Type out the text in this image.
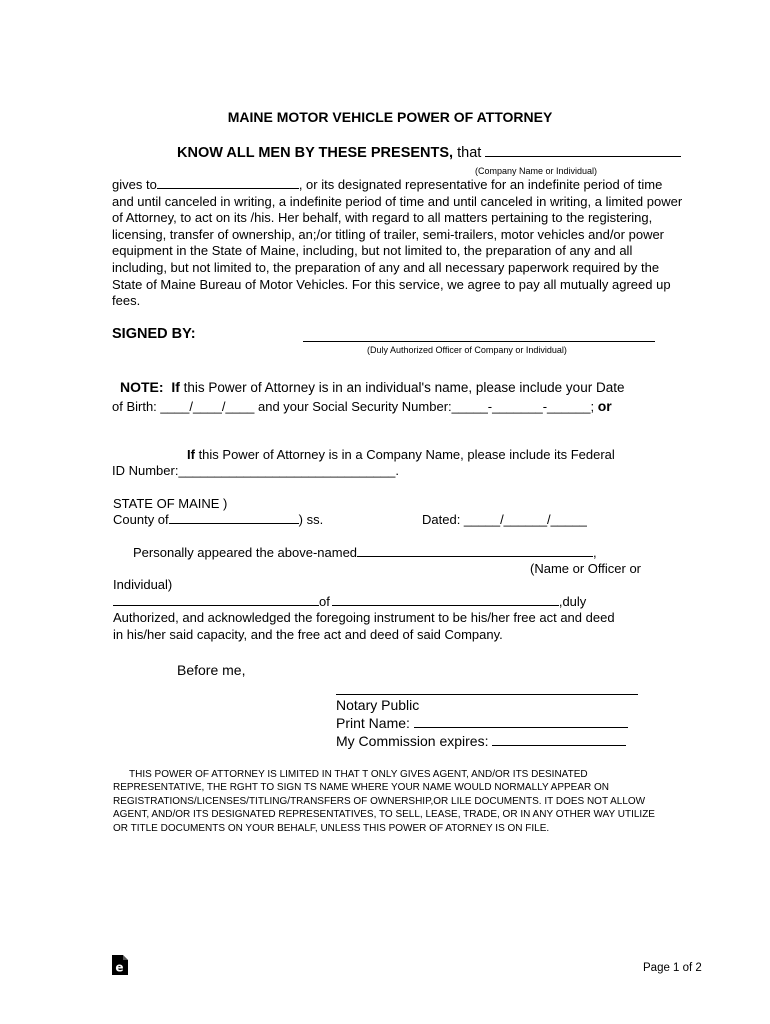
MAINE MOTOR VEHICLE POWER OF ATTORNEY
KNOW ALL MEN BY THESE PRESENTS, that
(Company Name or Individual)

gives to	, or its designated representative for an indefinite period of time and until canceled in writing, a indefinite period of time and until canceled in writing, a limited power of Attorney, to act on its /his. Her behalf, with regard to all matters pertaining to the registering, licensing, transfer of ownership, an;/or titling of trailer, semi-trailers, motor vehicles and/or power equipment in the State of Maine, including, but not limited to, the preparation of any and all including, but not limited to, the preparation of any and all necessary paperwork required by the State of Maine Bureau of Motor Vehicles. For this service, we agree to pay all mutually agreed up fees.

SIGNED BY:
(Duly Authorized Officer of Company or Individual)
NOTE: If this Power of Attorney is in an individual's name, please include your Date
of Birth: ____/____/____ and your Social Security Number:_____-_______-______; or
If this Power of Attorney is in a Company Name, please include its Federal
ID Number:______________________________.
STATE OF MAINE )
County of	) ss.	Dated: _____/______/_____
Personally appeared the above-named	,
(Name or Officer or
Individual)
of	,duly
Authorized, and acknowledged the foregoing instrument to be his/her free act and deed
in his/her said capacity, and the free act and deed of said Company.
Before me,
Notary Public
Print Name:
My Commission expires:

THIS POWER OF ATTORNEY IS LIMITED IN THAT T ONLY GIVES AGENT, AND/OR ITS DESINATED REPRESENTATIVE, THE RGHT TO SIGN TS NAME WHERE YOUR NAME WOULD NORMALLY APPEAR ON REGISTRATIONS/LICENSES/TITLING/TRANSFERS OF OWNERSHIP,OR LILE DOCUMENTS. IT DOES NOT ALLOW AGENT, AND/OR ITS DESIGNATED REPRESENTATIVES, TO SELL, LEASE, TRADE, OR IN ANY OTHER WAY UTILIZE OR TITLE DOCUMENTS ON YOUR BEHALF, UNLESS THIS POWER OF ATORNEY IS ON FILE.

e	Page 1 of 2
